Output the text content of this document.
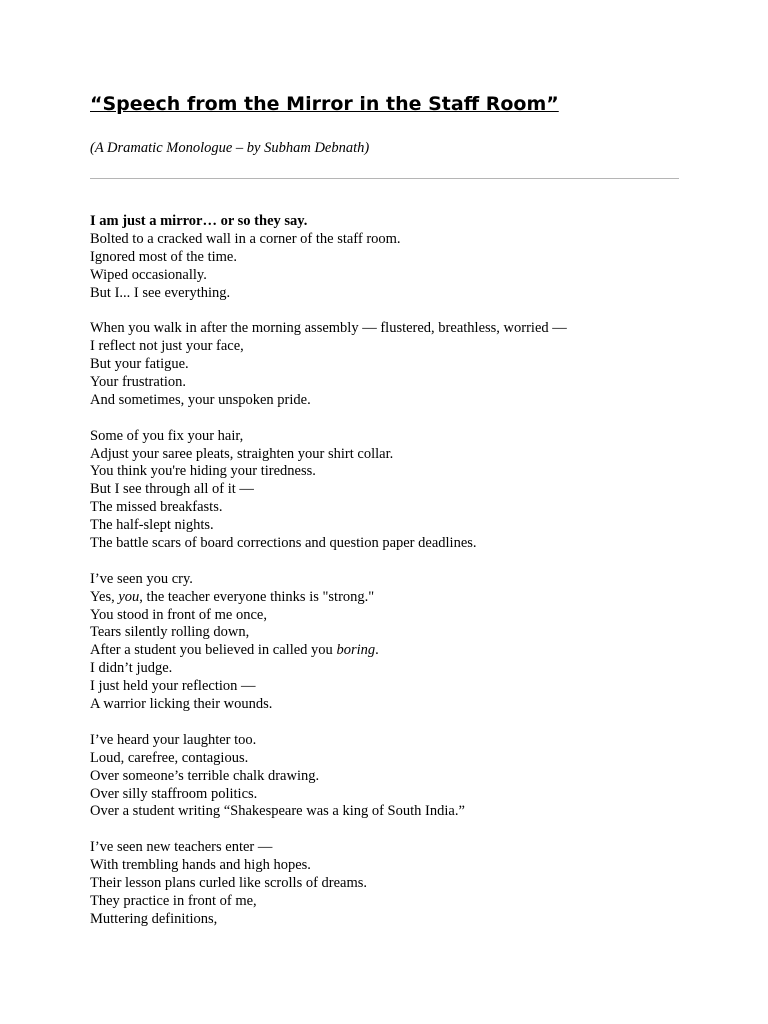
“Speech from the Mirror in the Staff Room”

(A Dramatic Monologue – by Subham Debnath)

I am just a mirror… or so they say.
Bolted to a cracked wall in a corner of the staff room.
Ignored most of the time.
Wiped occasionally.
But I... I see everything.
When you walk in after the morning assembly — flustered, breathless, worried —
I reflect not just your face,
But your fatigue.
Your frustration.
And sometimes, your unspoken pride.
Some of you fix your hair,
Adjust your saree pleats, straighten your shirt collar.
You think you're hiding your tiredness.
But I see through all of it —
The missed breakfasts.
The half-slept nights.
The battle scars of board corrections and question paper deadlines.
I’ve seen you cry.
Yes, you, the teacher everyone thinks is "strong."
You stood in front of me once,
Tears silently rolling down,
After a student you believed in called you boring.
I didn’t judge.
I just held your reflection —
A warrior licking their wounds.
I’ve heard your laughter too.
Loud, carefree, contagious.
Over someone’s terrible chalk drawing.
Over silly staffroom politics.
Over a student writing “Shakespeare was a king of South India.”
I’ve seen new teachers enter —
With trembling hands and high hopes.
Their lesson plans curled like scrolls of dreams.
They practice in front of me,
Muttering definitions,
